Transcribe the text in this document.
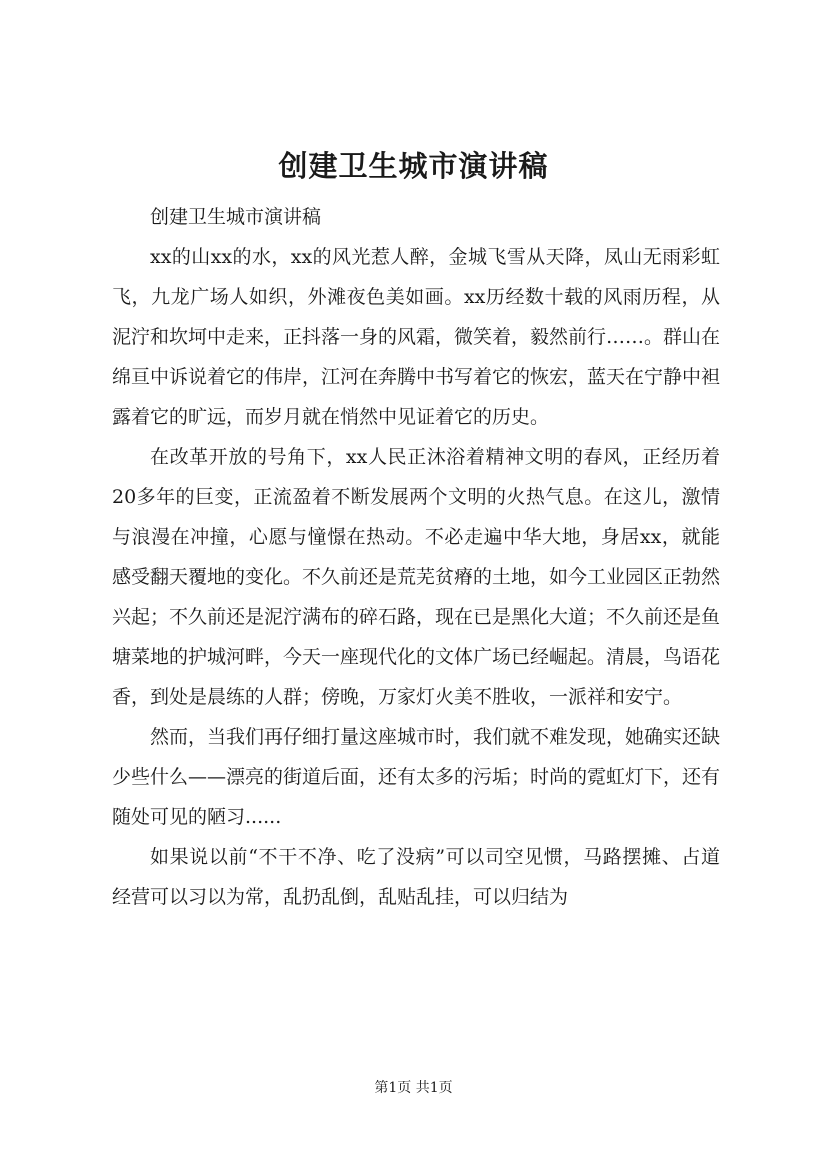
创建卫生城市演讲稿

创建卫生城市演讲稿

xx的山xx的水，xx的风光惹人醉，金城飞雪从天降，凤山无雨彩虹飞，九龙广场人如织，外滩夜色美如画。xx历经数十载的风雨历程，从泥泞和坎坷中走来，正抖落一身的风霜，微笑着，毅然前行……。群山在绵亘中诉说着它的伟岸，江河在奔腾中书写着它的恢宏，蓝天在宁静中袒露着它的旷远，而岁月就在悄然中见证着它的历史。

在改革开放的号角下，xx人民正沐浴着精神文明的春风，正经历着20多年的巨变，正流盈着不断发展两个文明的火热气息。在这儿，激情与浪漫在冲撞，心愿与憧憬在热动。不必走遍中华大地，身居xx，就能感受翻天覆地的变化。不久前还是荒芜贫瘠的土地，如今工业园区正勃然兴起；不久前还是泥泞满布的碎石路，现在已是黑化大道；不久前还是鱼塘菜地的护城河畔，今天一座现代化的文体广场已经崛起。清晨，鸟语花香，到处是晨练的人群；傍晚，万家灯火美不胜收，一派祥和安宁。

然而，当我们再仔细打量这座城市时，我们就不难发现，她确实还缺少些什么——漂亮的街道后面，还有太多的污垢；时尚的霓虹灯下，还有随处可见的陋习......

如果说以前“不干不净、吃了没病”可以司空见惯，马路摆摊、占道经营可以习以为常，乱扔乱倒，乱贴乱挂，可以归结为

第1页 共1页
